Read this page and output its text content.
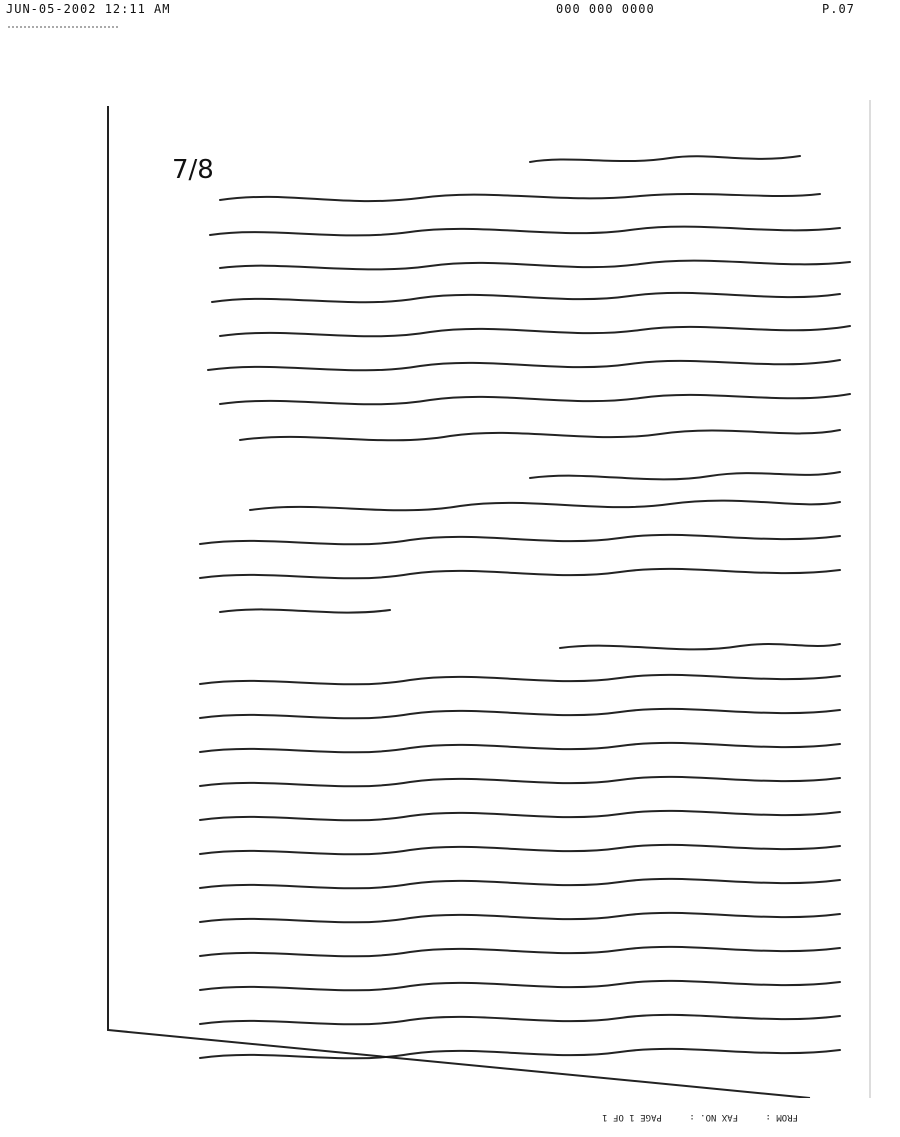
JUN-05-2002 12:11 AM	000 000 0000	P.07
7/8
FROM : FAX NO. : PAGE 1 OF 1
